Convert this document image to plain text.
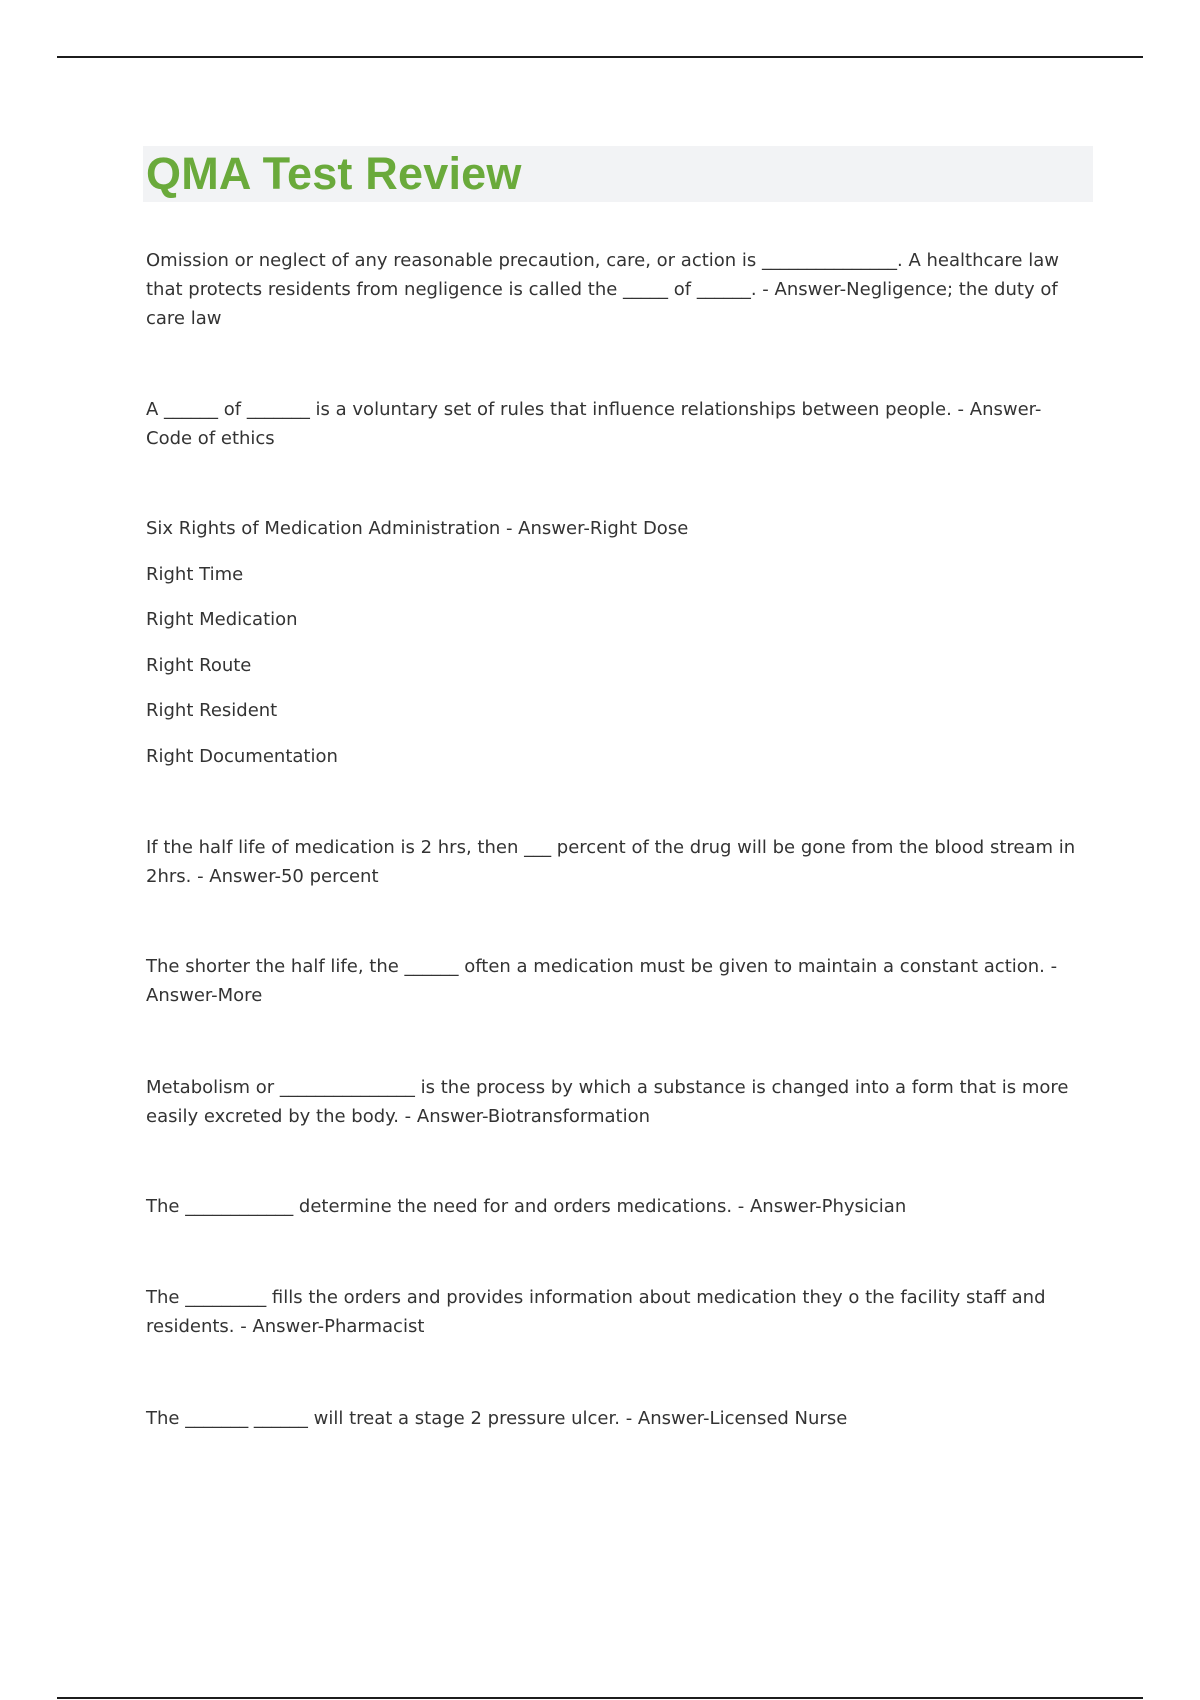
QMA Test Review
Omission or neglect of any reasonable precaution, care, or action is _______________. A healthcare law
that protects residents from negligence is called the _____ of ______. - Answer-Negligence; the duty of
care law
A ______ of _______ is a voluntary set of rules that influence relationships between people. - Answer-
Code of ethics
Six Rights of Medication Administration - Answer-Right Dose
Right Time
Right Medication
Right Route
Right Resident
Right Documentation
If the half life of medication is 2 hrs, then ___ percent of the drug will be gone from the blood stream in
2hrs. - Answer-50 percent
The shorter the half life, the ______ often a medication must be given to maintain a constant action. -
Answer-More
Metabolism or _______________ is the process by which a substance is changed into a form that is more
easily excreted by the body. - Answer-Biotransformation
The ____________ determine the need for and orders medications. - Answer-Physician
The _________ fills the orders and provides information about medication they o the facility staff and
residents. - Answer-Pharmacist
The _______ ______ will treat a stage 2 pressure ulcer. - Answer-Licensed Nurse
